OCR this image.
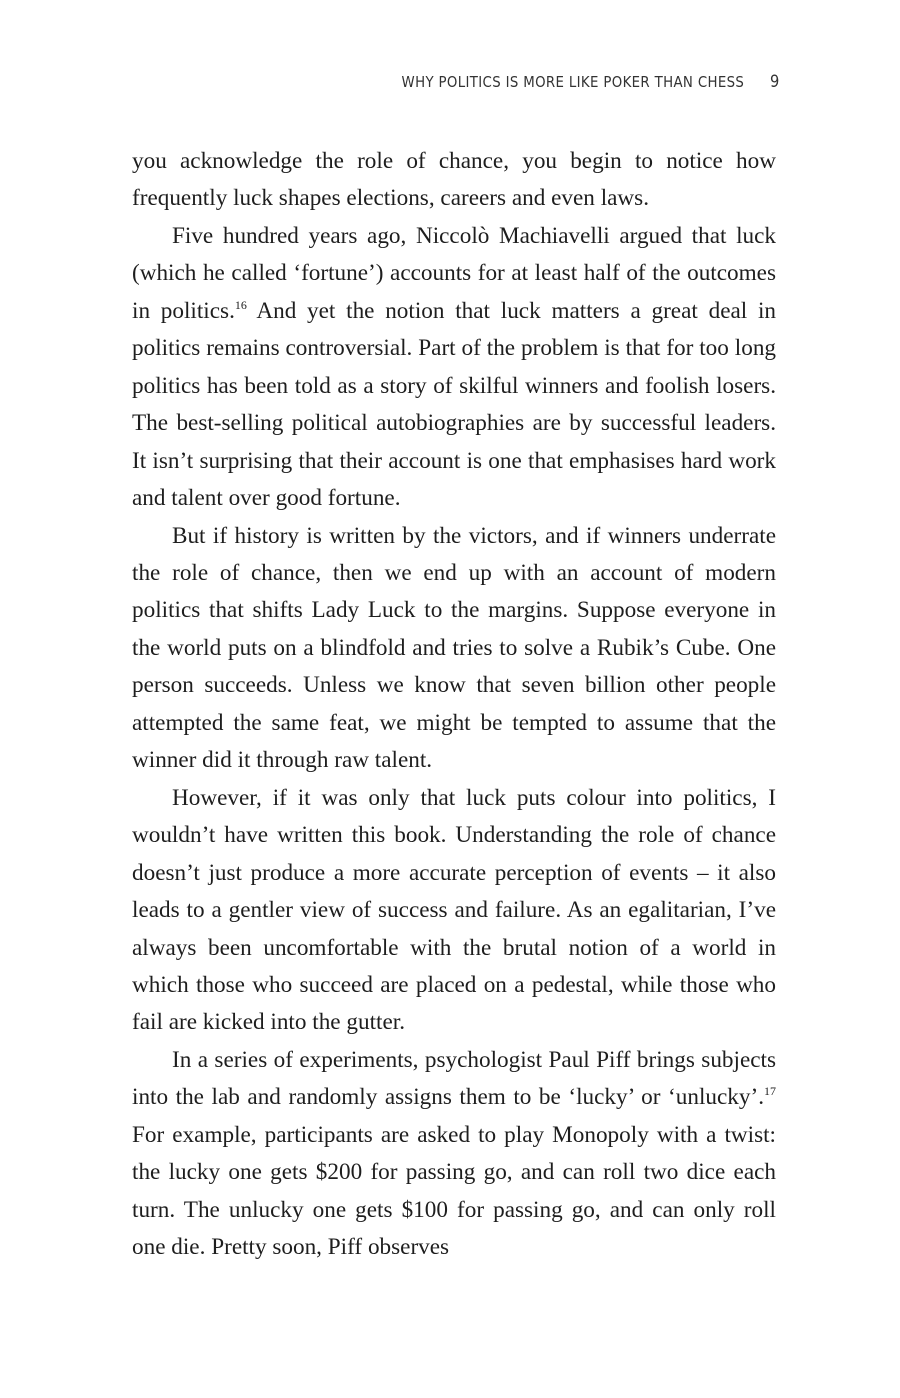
WHY POLITICS IS MORE LIKE POKER THAN CHESS 9

you acknowledge the role of chance, you begin to notice how frequently luck shapes elections, careers and even laws.

Five hundred years ago, Niccolò Machiavelli argued that luck (which he called ‘fortune’) accounts for at least half of the outcomes in politics.$^{16}$ And yet the notion that luck matters a great deal in politics remains controversial. Part of the problem is that for too long politics has been told as a story of skilful winners and foolish losers. The best-selling political autobiographies are by successful leaders. It isn’t surprising that their account is one that emphasises hard work and talent over good fortune.

But if history is written by the victors, and if winners underrate the role of chance, then we end up with an account of modern politics that shifts Lady Luck to the margins. Suppose everyone in the world puts on a blindfold and tries to solve a Rubik’s Cube. One person succeeds. Unless we know that seven billion other people attempted the same feat, we might be tempted to assume that the winner did it through raw talent.

However, if it was only that luck puts colour into politics, I wouldn’t have written this book. Understanding the role of chance doesn’t just produce a more accurate perception of events – it also leads to a gentler view of success and failure. As an egalitarian, I’ve always been uncomfortable with the brutal notion of a world in which those who succeed are placed on a pedestal, while those who fail are kicked into the gutter.

In a series of experiments, psychologist Paul Piff brings subjects into the lab and randomly assigns them to be ‘lucky’ or ‘unlucky’.$^{17}$ For example, participants are asked to play Monopoly with a twist: the lucky one gets $200 for passing go, and can roll two dice each turn. The unlucky one gets $100 for passing go, and can only roll one die. Pretty soon, Piff observes
